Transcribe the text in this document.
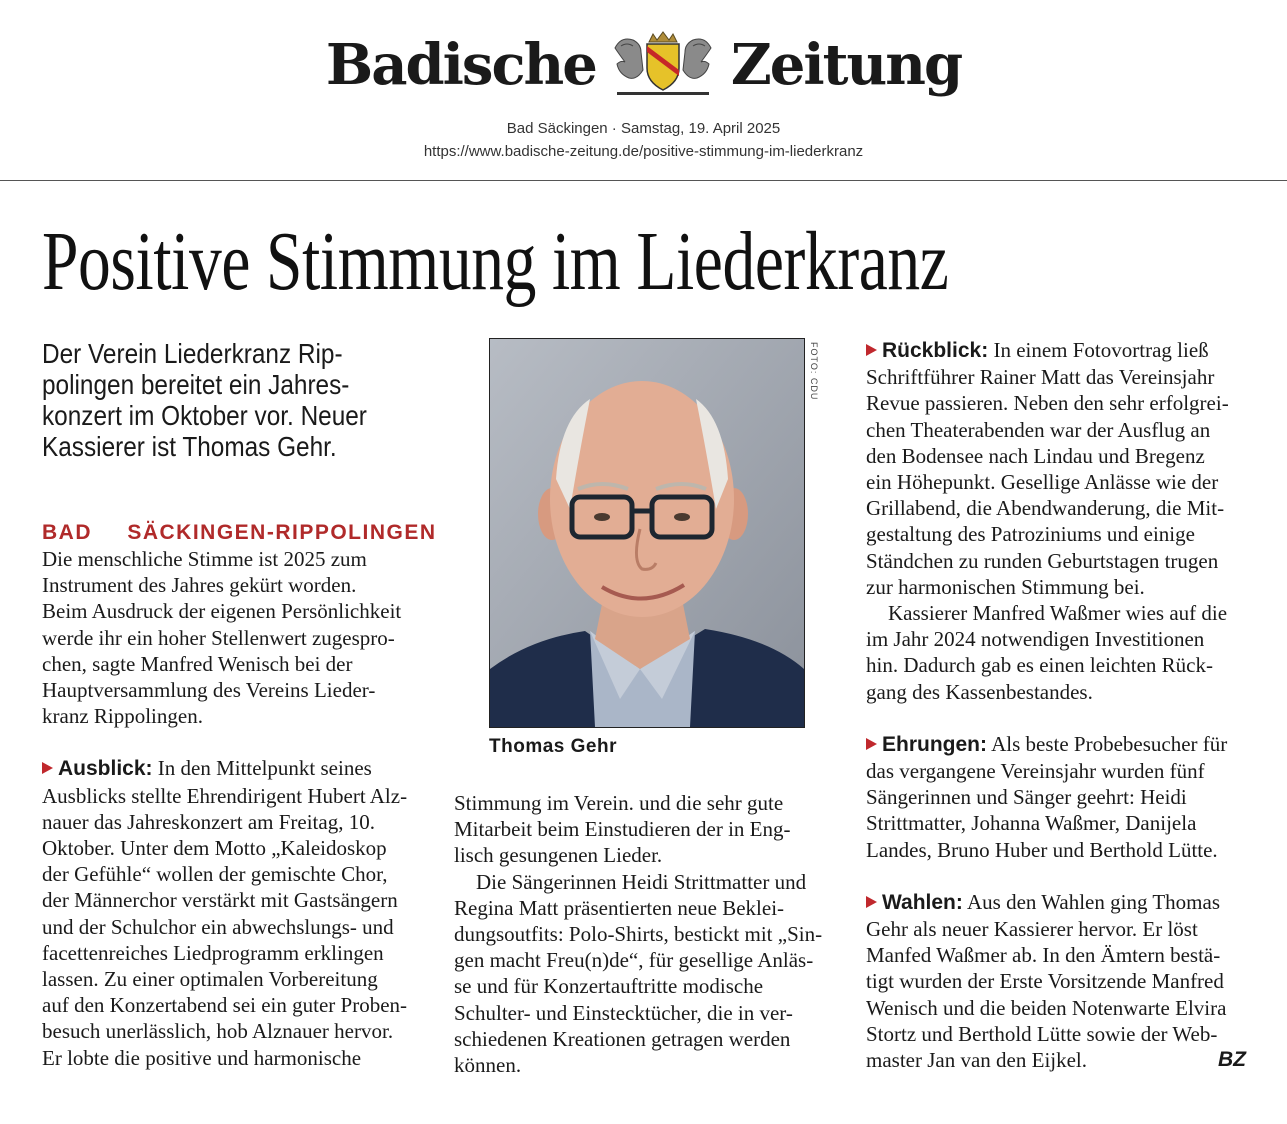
Badische Zeitung
Bad Säckingen · Samstag, 19. April 2025
https://www.badische-zeitung.de/positive-stimmung-im-liederkranz
Positive Stimmung im Liederkranz
Der Verein Liederkranz Rip-
polingen bereitet ein Jahres-
konzert im Oktober vor. Neuer
Kassierer ist Thomas Gehr.
BAD SÄCKINGEN-RIPPOLINGEN
Die menschliche Stimme ist 2025 zum
Instrument des Jahres gekürt worden.
Beim Ausdruck der eigenen Persönlichkeit
werde ihr ein hoher Stellenwert zugespro-
chen, sagte Manfred Wenisch bei der
Hauptversammlung des Vereins Lieder-
kranz Rippolingen.
Ausblick: In den Mittelpunkt seines
Ausblicks stellte Ehrendirigent Hubert Alz-
nauer das Jahreskonzert am Freitag, 10.
Oktober. Unter dem Motto „Kaleidoskop
der Gefühle“ wollen der gemischte Chor,
der Männerchor verstärkt mit Gastsängern
und der Schulchor ein abwechslungs- und
facettenreiches Liedprogramm erklingen
lassen. Zu einer optimalen Vorbereitung
auf den Konzertabend sei ein guter Proben-
besuch unerlässlich, hob Alznauer hervor.
Er lobte die positive und harmonische
FOTO: CDU
Thomas Gehr
Stimmung im Verein. und die sehr gute
Mitarbeit beim Einstudieren der in Eng-
lisch gesungenen Lieder.
Die Sängerinnen Heidi Strittmatter und
Regina Matt präsentierten neue Beklei-
dungsoutfits: Polo-Shirts, bestickt mit „Sin-
gen macht Freu(n)de“, für gesellige Anläs-
se und für Konzertauftritte modische
Schulter- und Einstecktücher, die in ver-
schiedenen Kreationen getragen werden
können.
Rückblick: In einem Fotovortrag ließ
Schriftführer Rainer Matt das Vereinsjahr
Revue passieren. Neben den sehr erfolgrei-
chen Theaterabenden war der Ausflug an
den Bodensee nach Lindau und Bregenz
ein Höhepunkt. Gesellige Anlässe wie der
Grillabend, die Abendwanderung, die Mit-
gestaltung des Patroziniums und einige
Ständchen zu runden Geburtstagen trugen
zur harmonischen Stimmung bei.
Kassierer Manfred Waßmer wies auf die
im Jahr 2024 notwendigen Investitionen
hin. Dadurch gab es einen leichten Rück-
gang des Kassenbestandes.
Ehrungen: Als beste Probebesucher für
das vergangene Vereinsjahr wurden fünf
Sängerinnen und Sänger geehrt: Heidi
Strittmatter, Johanna Waßmer, Danijela
Landes, Bruno Huber und Berthold Lütte.
Wahlen: Aus den Wahlen ging Thomas
Gehr als neuer Kassierer hervor. Er löst
Manfed Waßmer ab. In den Ämtern bestä-
tigt wurden der Erste Vorsitzende Manfred
Wenisch und die beiden Notenwarte Elvira
Stortz und Berthold Lütte sowie der Web-
master Jan van den Eijkel.	BZ
